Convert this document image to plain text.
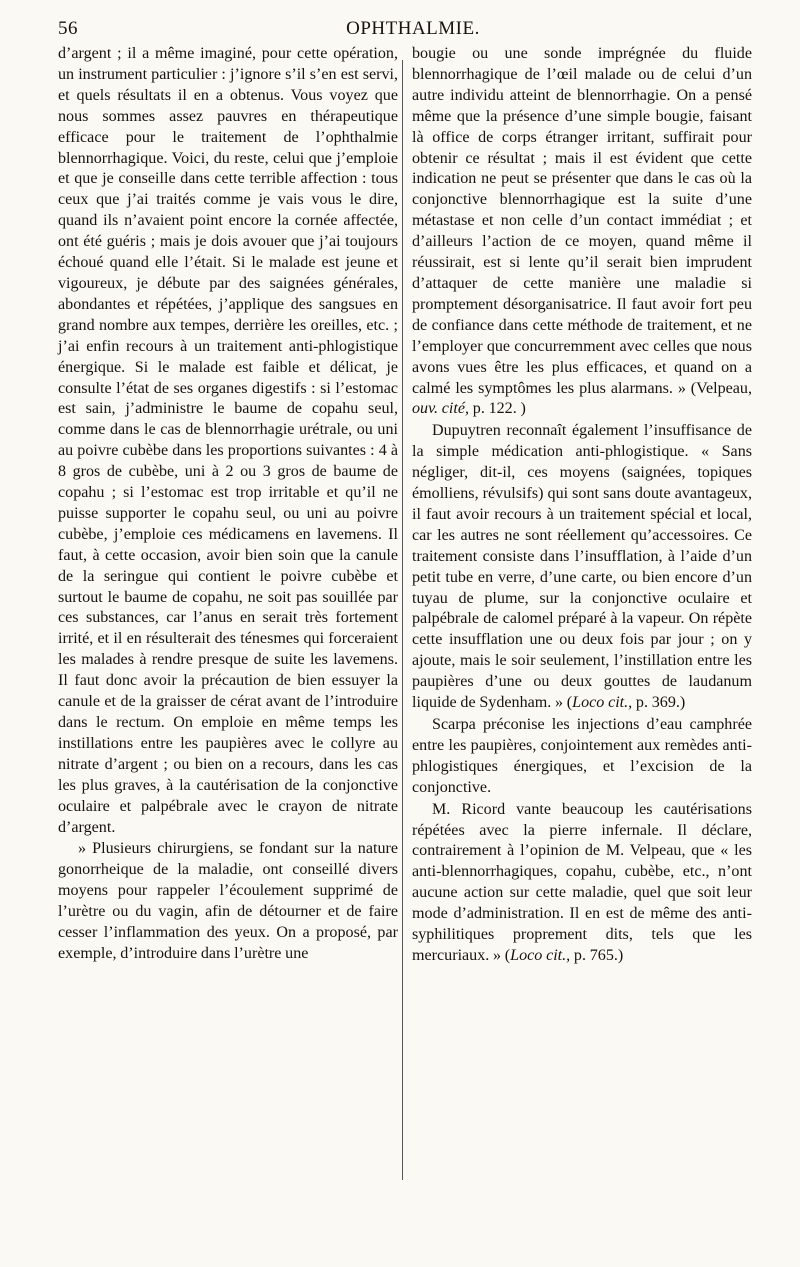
56	OPHTHALMIE.

d’argent ; il a même imaginé, pour cette opération, un instrument particulier : j’ignore s’il s’en est servi, et quels résultats il en a obtenus. Vous voyez que nous sommes assez pauvres en thérapeutique efficace pour le traitement de l’ophthalmie blennorrhagique. Voici, du reste, celui que j’emploie et que je conseille dans cette terrible affection : tous ceux que j’ai traités comme je vais vous le dire, quand ils n’avaient point encore la cornée affectée, ont été guéris ; mais je dois avouer que j’ai toujours échoué quand elle l’était. Si le malade est jeune et vigoureux, je débute par des saignées générales, abondantes et répétées, j’applique des sangsues en grand nombre aux tempes, derrière les oreilles, etc. ; j’ai enfin recours à un traitement anti-phlogistique énergique. Si le malade est faible et délicat, je consulte l’état de ses organes digestifs : si l’estomac est sain, j’administre le baume de copahu seul, comme dans le cas de blennorrhagie urétrale, ou uni au poivre cubèbe dans les proportions suivantes : 4 à 8 gros de cubèbe, uni à 2 ou 3 gros de baume de copahu ; si l’estomac est trop irritable et qu’il ne puisse supporter le copahu seul, ou uni au poivre cubèbe, j’emploie ces médicamens en lavemens. Il faut, à cette occasion, avoir bien soin que la canule de la seringue qui contient le poivre cubèbe et surtout le baume de copahu, ne soit pas souillée par ces substances, car l’anus en serait très fortement irrité, et il en résulterait des ténesmes qui forceraient les malades à rendre presque de suite les lavemens. Il faut donc avoir la précaution de bien essuyer la canule et de la graisser de cérat avant de l’introduire dans le rectum. On emploie en même temps les instillations entre les paupières avec le collyre au nitrate d’argent ; ou bien on a recours, dans les cas les plus graves, à la cautérisation de la conjonctive oculaire et palpébrale avec le crayon de nitrate d’argent.

» Plusieurs chirurgiens, se fondant sur la nature gonorrheique de la maladie, ont conseillé divers moyens pour rappeler l’écoulement supprimé de l’urètre ou du vagin, afin de détourner et de faire cesser l’inflammation des yeux. On a proposé, par exemple, d’introduire dans l’urètre une

bougie ou une sonde imprégnée du fluide blennorrhagique de l’œil malade ou de celui d’un autre individu atteint de blennorrhagie. On a pensé même que la présence d’une simple bougie, faisant là office de corps étranger irritant, suffirait pour obtenir ce résultat ; mais il est évident que cette indication ne peut se présenter que dans le cas où la conjonctive blennorrhagique est la suite d’une métastase et non celle d’un contact immédiat ; et d’ailleurs l’action de ce moyen, quand même il réussirait, est si lente qu’il serait bien imprudent d’attaquer de cette manière une maladie si promptement désorganisatrice. Il faut avoir fort peu de confiance dans cette méthode de traitement, et ne l’employer que concurremment avec celles que nous avons vues être les plus efficaces, et quand on a calmé les symptômes les plus alarmans. » (Velpeau, ouv. cité, p. 122. )

Dupuytren reconnaît également l’insuffisance de la simple médication anti-phlogistique. « Sans négliger, dit-il, ces moyens (saignées, topiques émolliens, révulsifs) qui sont sans doute avantageux, il faut avoir recours à un traitement spécial et local, car les autres ne sont réellement qu’accessoires. Ce traitement consiste dans l’insufflation, à l’aide d’un petit tube en verre, d’une carte, ou bien encore d’un tuyau de plume, sur la conjonctive oculaire et palpébrale de calomel préparé à la vapeur. On répète cette insufflation une ou deux fois par jour ; on y ajoute, mais le soir seulement, l’instillation entre les paupières d’une ou deux gouttes de laudanum liquide de Sydenham. » (Loco cit., p. 369.)

Scarpa préconise les injections d’eau camphrée entre les paupières, conjointement aux remèdes anti-phlogistiques énergiques, et l’excision de la conjonctive.

M. Ricord vante beaucoup les cautérisations répétées avec la pierre infernale. Il déclare, contrairement à l’opinion de M. Velpeau, que « les anti-blennorrhagiques, copahu, cubèbe, etc., n’ont aucune action sur cette maladie, quel que soit leur mode d’administration. Il en est de même des anti-syphilitiques proprement dits, tels que les mercuriaux. » (Loco cit., p. 765.)
